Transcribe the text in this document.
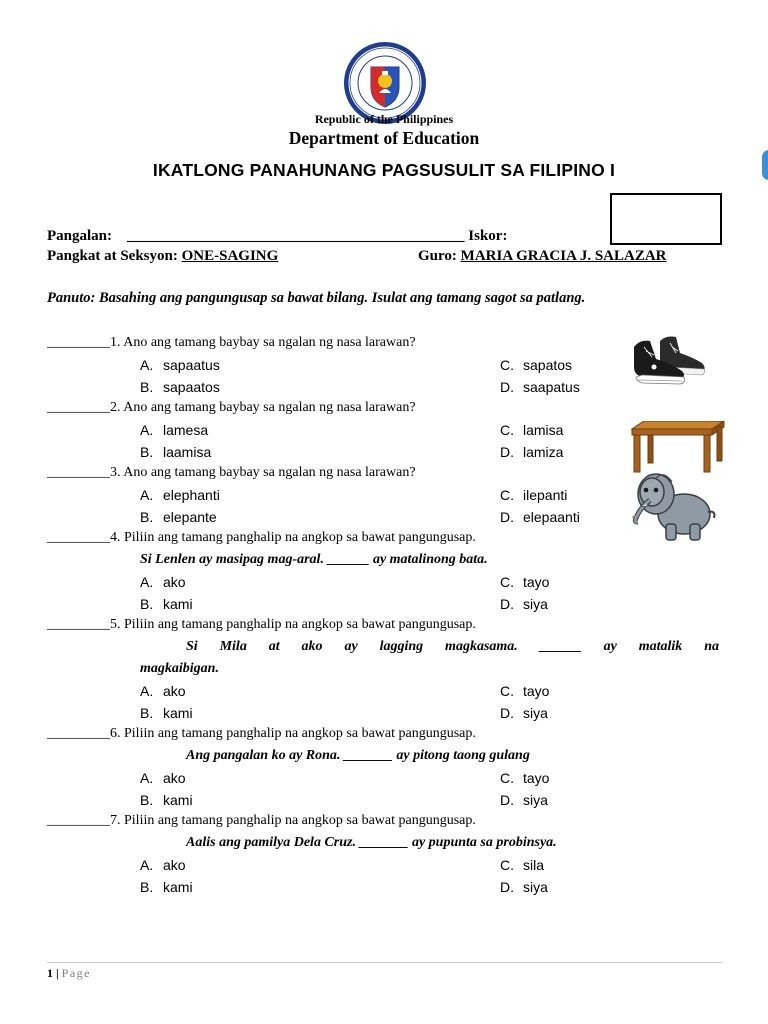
Republic of the Philippines
Department of Education
IKATLONG PANAHUNANG PAGSUSULIT SA FILIPINO I
Pangalan: _____________________________________________ Iskor:
Pangkat at Seksyon: ONE-SAGING	Guro: MARIA GRACIA J. SALAZAR
Panuto: Basahing ang pangungusap sa bawat bilang. Isulat ang tamang sagot sa patlang.
_________1. Ano ang tamang baybay sa ngalan ng nasa larawan?
A. sapaatus
B. sapaatos
C. sapatos
D. saapatus
_________2. Ano ang tamang baybay sa ngalan ng nasa larawan?
A. lamesa
B. laamisa
C. lamisa
D. lamiza
_________3. Ano ang tamang baybay sa ngalan ng nasa larawan?
A. elephanti
B. elepante
C. ilepanti
D. elepaanti
_________4. Piliin ang tamang panghalip na angkop sa bawat pangungusap.
Si Lenlen ay masipag mag-aral. ______ ay matalinong bata.
A. ako
B. kami
C. tayo
D. siya
_________5. Piliin ang tamang panghalip na angkop sa bawat pangungusap.
Si Mila at ako ay lagging magkasama. ______ ay matalik na
magkaibigan.
A. ako
B. kami
C. tayo
D. siya
_________6. Piliin ang tamang panghalip na angkop sa bawat pangungusap.
Ang pangalan ko ay Rona. _______ ay pitong taong gulang
A. ako
B. kami
C. tayo
D. siya
_________7. Piliin ang tamang panghalip na angkop sa bawat pangungusap.
Aalis ang pamilya Dela Cruz. _______ ay pupunta sa probinsya.
A. ako
B. kami
C. sila
D. siya
1 | Page
